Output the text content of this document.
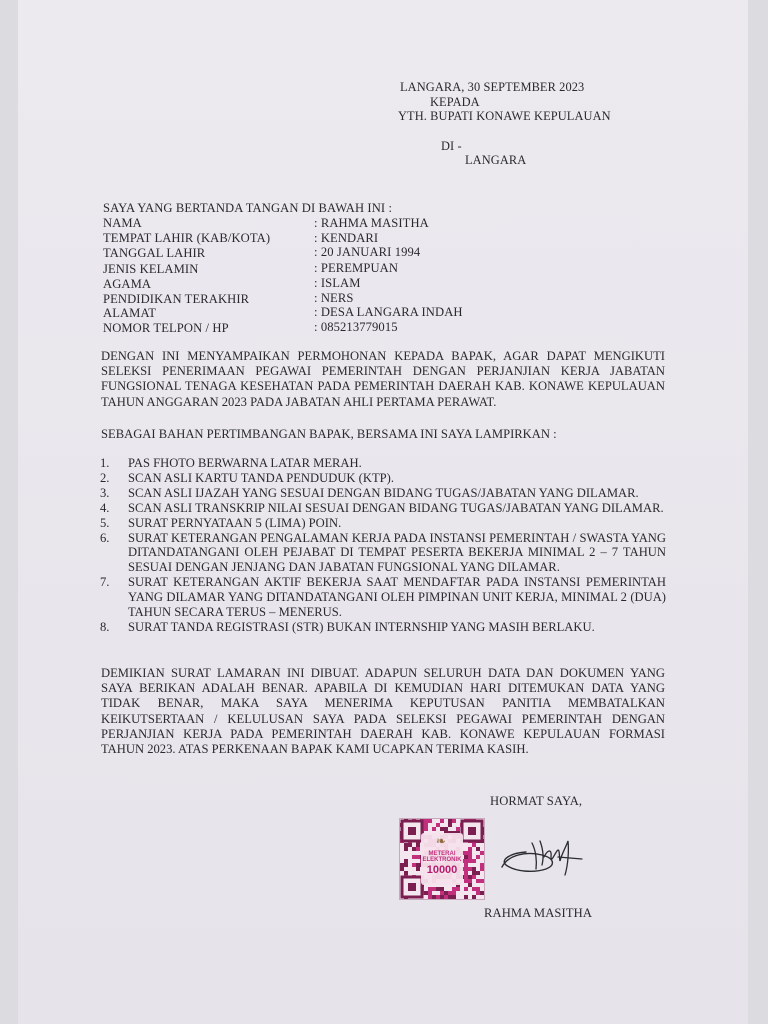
LANGARA, 30 SEPTEMBER 2023
KEPADA
YTH. BUPATI KONAWE KEPULAUAN
DI -
LANGARA
SAYA YANG BERTANDA TANGAN DI BAWAH INI :
NAMA	: RAHMA MASITHA
TEMPAT LAHIR (KAB/KOTA)	: KENDARI
TANGGAL LAHIR	: 20 JANUARI 1994
JENIS KELAMIN	: PEREMPUAN
AGAMA	: ISLAM
PENDIDIKAN TERAKHIR	: NERS
ALAMAT	: DESA LANGARA INDAH
NOMOR TELPON / HP	: 085213779015
DENGAN INI MENYAMPAIKAN PERMOHONAN KEPADA BAPAK, AGAR DAPAT MENGIKUTI SELEKSI PENERIMAAN PEGAWAI PEMERINTAH DENGAN PERJANJIAN KERJA JABATAN FUNGSIONAL TENAGA KESEHATAN PADA PEMERINTAH DAERAH KAB. KONAWE KEPULAUAN TAHUN ANGGARAN 2023 PADA JABATAN AHLI PERTAMA PERAWAT.
SEBAGAI BAHAN PERTIMBANGAN BAPAK, BERSAMA INI SAYA LAMPIRKAN :
1. PAS FHOTO BERWARNA LATAR MERAH.
2. SCAN ASLI KARTU TANDA PENDUDUK (KTP).
3. SCAN ASLI IJAZAH YANG SESUAI DENGAN BIDANG TUGAS/JABATAN YANG DILAMAR.
4. SCAN ASLI TRANSKRIP NILAI SESUAI DENGAN BIDANG TUGAS/JABATAN YANG DILAMAR.
5. SURAT PERNYATAAN 5 (LIMA) POIN.
6. SURAT KETERANGAN PENGALAMAN KERJA PADA INSTANSI PEMERINTAH / SWASTA YANG DITANDATANGANI OLEH PEJABAT DI TEMPAT PESERTA BEKERJA MINIMAL 2 – 7 TAHUN SESUAI DENGAN JENJANG DAN JABATAN FUNGSIONAL YANG DILAMAR.
7. SURAT KETERANGAN AKTIF BEKERJA SAAT MENDAFTAR PADA INSTANSI PEMERINTAH YANG DILAMAR YANG DITANDATANGANI OLEH PIMPINAN UNIT KERJA, MINIMAL 2 (DUA) TAHUN SECARA TERUS – MENERUS.
8. SURAT TANDA REGISTRASI (STR) BUKAN INTERNSHIP YANG MASIH BERLAKU.
DEMIKIAN SURAT LAMARAN INI DIBUAT. ADAPUN SELURUH DATA DAN DOKUMEN YANG SAYA BERIKAN ADALAH BENAR. APABILA DI KEMUDIAN HARI DITEMUKAN DATA YANG TIDAK BENAR, MAKA SAYA MENERIMA KEPUTUSAN PANITIA MEMBATALKAN KEIKUTSERTAAN / KELULUSAN SAYA PADA SELEKSI PEGAWAI PEMERINTAH DENGAN PERJANJIAN KERJA PADA PEMERINTAH DAERAH KAB. KONAWE KEPULAUAN FORMASI TAHUN 2023. ATAS PERKENAAN BAPAK KAMI UCAPKAN TERIMA KASIH.
HORMAT SAYA,
❧
METERAI ELEKTRONIK
10000
RAHMA MASITHA
